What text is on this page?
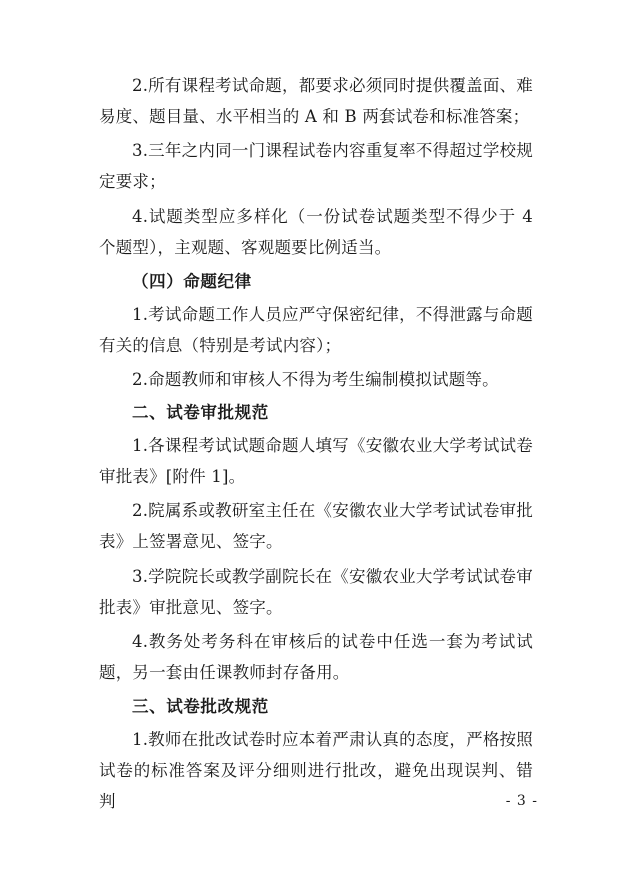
2.所有课程考试命题，都要求必须同时提供覆盖面、难易度、题目量、水平相当的 A 和 B 两套试卷和标准答案；

3.三年之内同一门课程试卷内容重复率不得超过学校规定要求；

4.试题类型应多样化（一份试卷试题类型不得少于 4 个题型），主观题、客观题要比例适当。

（四）命题纪律

1.考试命题工作人员应严守保密纪律，不得泄露与命题有关的信息（特别是考试内容）；

2.命题教师和审核人不得为考生编制模拟试题等。

二、试卷审批规范

1.各课程考试试题命题人填写《安徽农业大学考试试卷审批表》[附件 1]。

2.院属系或教研室主任在《安徽农业大学考试试卷审批表》上签署意见、签字。

3.学院院长或教学副院长在《安徽农业大学考试试卷审批表》审批意见、签字。

4.教务处考务科在审核后的试卷中任选一套为考试试题，另一套由任课教师封存备用。

三、试卷批改规范

1.教师在批改试卷时应本着严肃认真的态度，严格按照试卷的标准答案及评分细则进行批改，避免出现误判、错判	- 3 -
